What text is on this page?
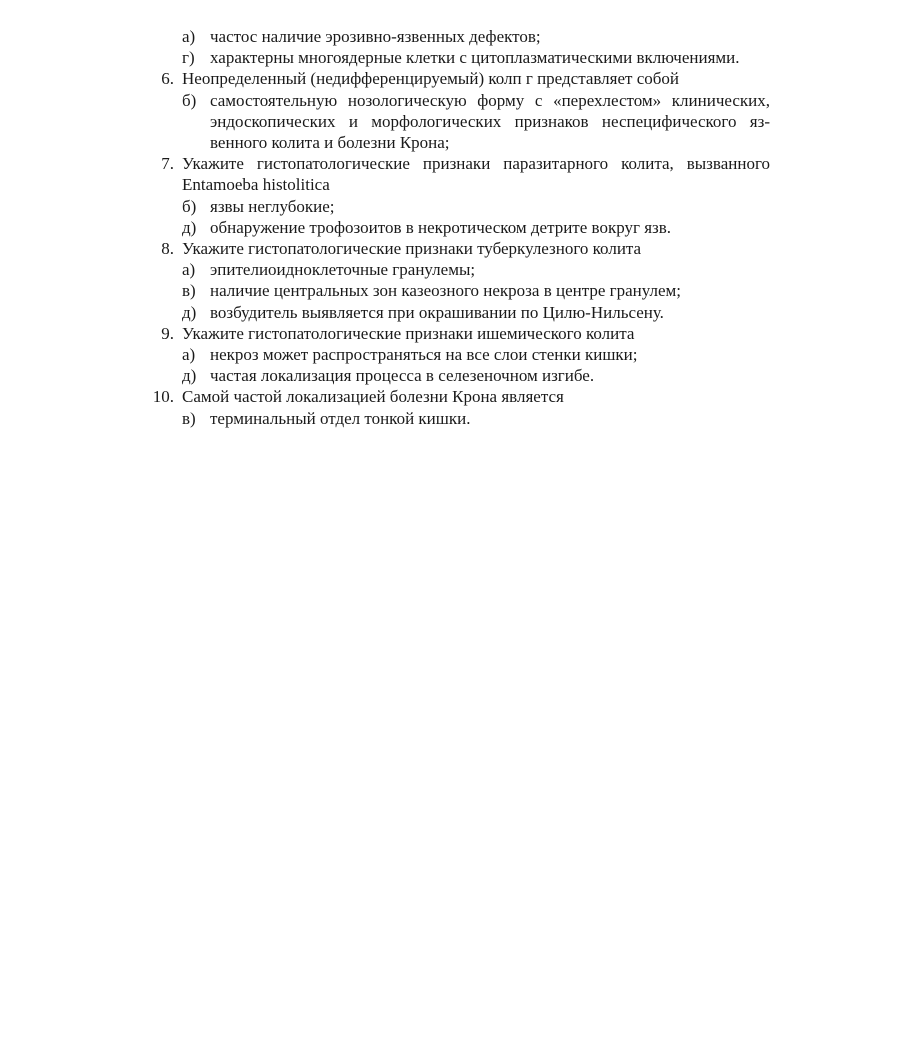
а) частос наличие эрозивно-язвенных дефектов;
г) характерны многоядерные клетки с цитоплазматическими включениями.
6. Неопределенный (недифференцируемый) колп г представляет собой
б) самостоятельную нозологическую форму с «перехлестом» клинических, эндоскопических и морфологических признаков неспецифического яз-венного колита и болезни Крона;
7. Укажите гистопатологические признаки паразитарного колита, вызванного Entamoeba histolitica
б) язвы неглубокие;
д) обнаружение трофозоитов в некротическом детрите вокруг язв.
8. Укажите гистопатологические признаки туберкулезного колита
а) эпителиоидноклеточные гранулемы;
в) наличие центральных зон казеозного некроза в центре гранулем;
д) возбудитель выявляется при окрашивании по Цилю-Нильсену.
9. Укажите гистопатологические признаки ишемического колита
а) некроз может распространяться на все слои стенки кишки;
д) частая локализация процесса в селезеночном изгибе.
10. Самой частой локализацией болезни Крона является
в) терминальный отдел тонкой кишки.
